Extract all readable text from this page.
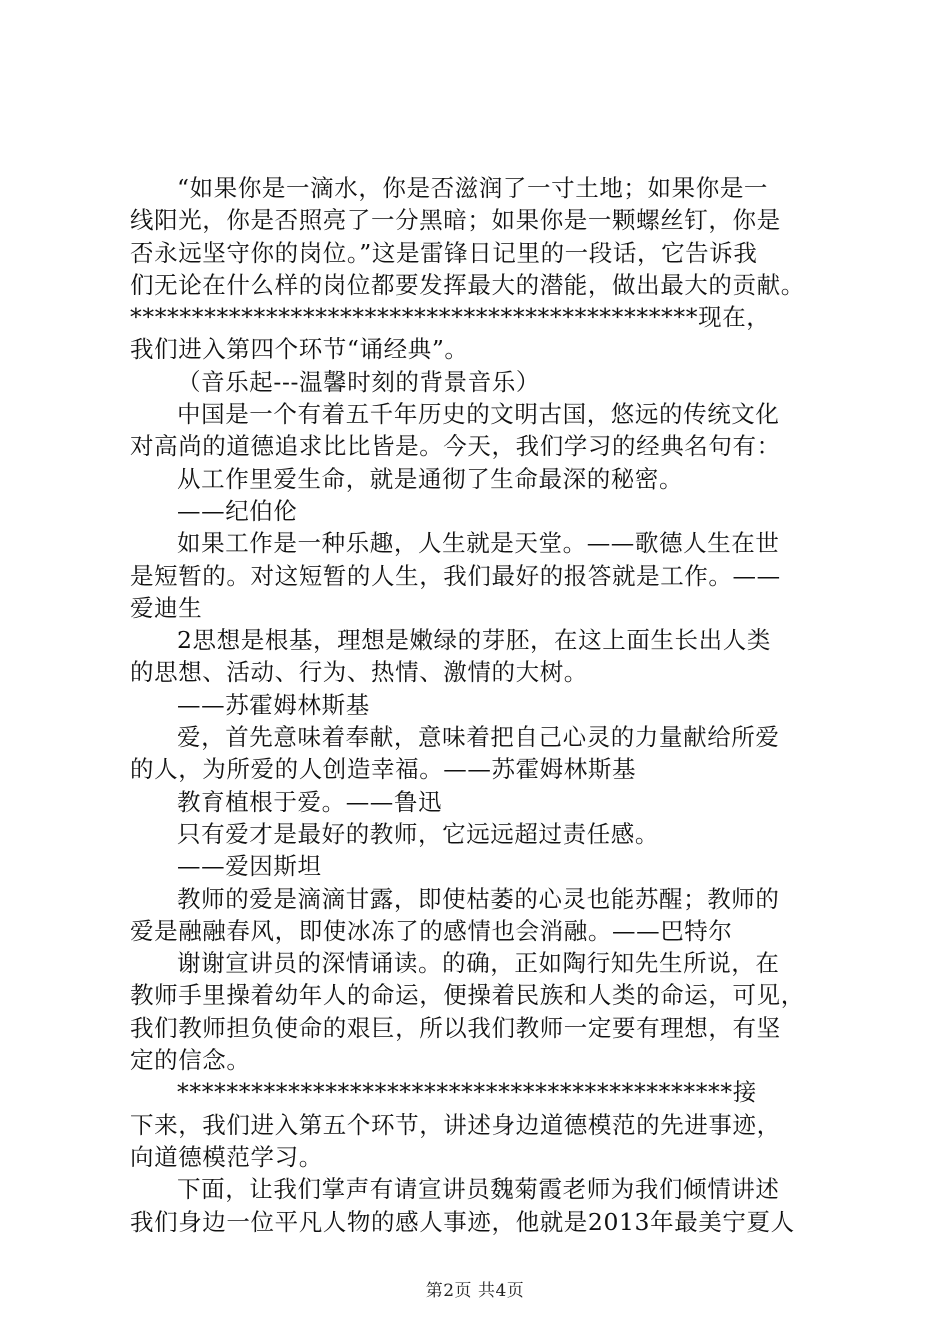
“如果你是一滴水，你是否滋润了一寸土地；如果你是一

线阳光，你是否照亮了一分黑暗；如果你是一颗螺丝钉，你是

否永远坚守你的岗位。”这是雷锋日记里的一段话，它告诉我

们无论在什么样的岗位都要发挥最大的潜能，做出最大的贡献。

**********************************************现在，

我们进入第四个环节“诵经典”。

（音乐起---温馨时刻的背景音乐）

中国是一个有着五千年历史的文明古国，悠远的传统文化

对高尚的道德追求比比皆是。今天，我们学习的经典名句有：

从工作里爱生命，就是通彻了生命最深的秘密。

——纪伯伦

如果工作是一种乐趣，人生就是天堂。——歌德人生在世

是短暂的。对这短暂的人生，我们最好的报答就是工作。——

爱迪生

2思想是根基，理想是嫩绿的芽胚，在这上面生长出人类

的思想、活动、行为、热情、激情的大树。

——苏霍姆林斯基

爱，首先意味着奉献，意味着把自己心灵的力量献给所爱

的人，为所爱的人创造幸福。——苏霍姆林斯基

教育植根于爱。——鲁迅

只有爱才是最好的教师，它远远超过责任感。

——爱因斯坦

教师的爱是滴滴甘露，即使枯萎的心灵也能苏醒；教师的

爱是融融春风，即使冰冻了的感情也会消融。——巴特尔

谢谢宣讲员的深情诵读。的确，正如陶行知先生所说，在

教师手里操着幼年人的命运，便操着民族和人类的命运，可见，

我们教师担负使命的艰巨，所以我们教师一定要有理想，有坚

定的信念。

*********************************************接

下来，我们进入第五个环节，讲述身边道德模范的先进事迹，

向道德模范学习。

下面，让我们掌声有请宣讲员魏菊霞老师为我们倾情讲述

我们身边一位平凡人物的感人事迹，他就是2013年最美宁夏人

第2页 共4页
